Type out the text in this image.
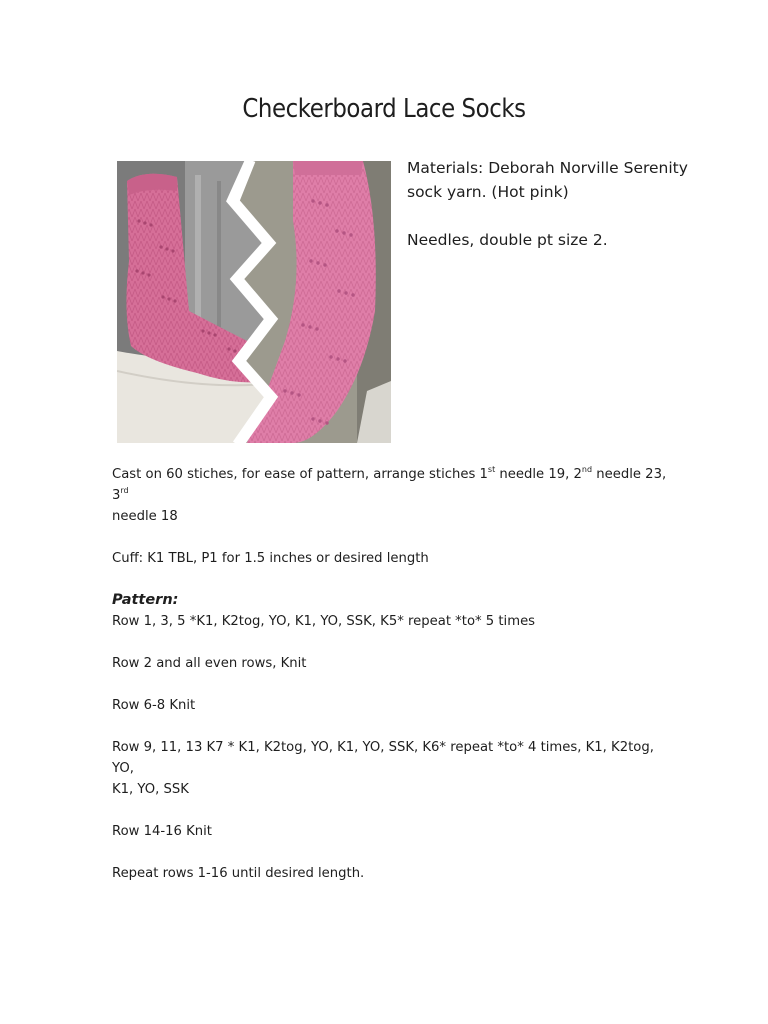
Checkerboard Lace Socks

Materials: Deborah Norville Serenity

sock yarn. (Hot pink)

Needles, double pt size 2.

Cast on 60 stiches, for ease of pattern, arrange stiches 1st needle 19, 2nd needle 23, 3rd
needle 18

Cuff: K1 TBL, P1 for 1.5 inches or desired length

Pattern:

Row 1, 3, 5 *K1, K2tog, YO, K1, YO, SSK, K5* repeat *to* 5 times

Row 2 and all even rows, Knit

Row 6-8 Knit

Row 9, 11, 13 K7 * K1, K2tog, YO, K1, YO, SSK, K6* repeat *to* 4 times, K1, K2tog, YO,

K1, YO, SSK

Row 14-16 Knit

Repeat rows 1-16 until desired length.
